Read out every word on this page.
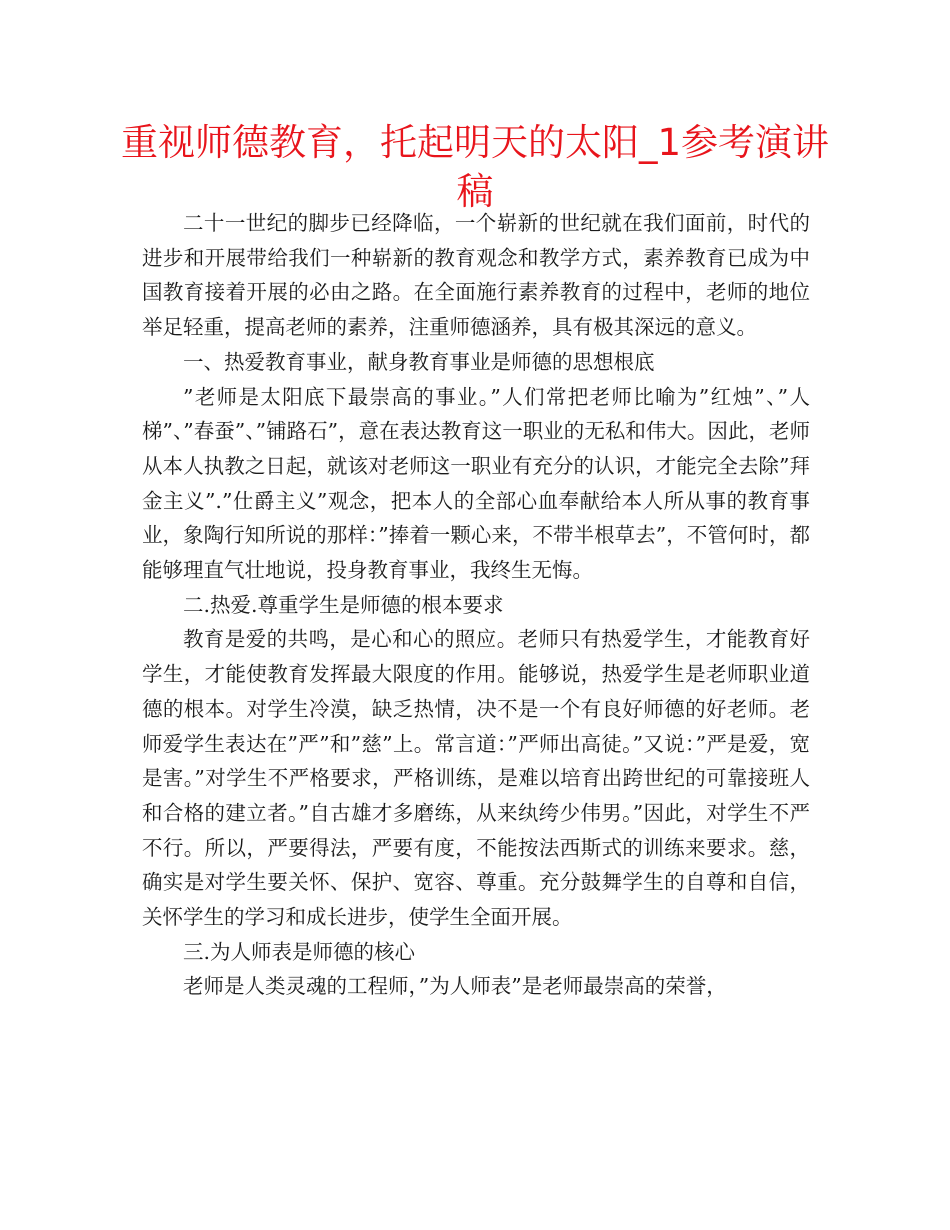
重视师德教育，托起明天的太阳_1参考演讲稿

二十一世纪的脚步已经降临，一个崭新的世纪就在我们面前，时代的进步和开展带给我们一种崭新的教育观念和教学方式，素养教育已成为中国教育接着开展的必由之路。在全面施行素养教育的过程中，老师的地位举足轻重，提高老师的素养，注重师德涵养，具有极其深远的意义。

一、热爱教育事业，献身教育事业是师德的思想根底

”老师是太阳底下最崇高的事业。”人们常把老师比喻为”红烛”、”人梯”、”春蚕”、”铺路石”，意在表达教育这一职业的无私和伟大。因此，老师从本人执教之日起，就该对老师这一职业有充分的认识，才能完全去除”拜金主义”.”仕爵主义”观念，把本人的全部心血奉献给本人所从事的教育事业，象陶行知所说的那样：”捧着一颗心来，不带半根草去”，不管何时，都能够理直气壮地说，投身教育事业，我终生无悔。

二.热爱.尊重学生是师德的根本要求

教育是爱的共鸣，是心和心的照应。老师只有热爱学生，才能教育好学生，才能使教育发挥最大限度的作用。能够说，热爱学生是老师职业道德的根本。对学生冷漠，缺乏热情，决不是一个有良好师德的好老师。老师爱学生表达在”严”和”慈”上。常言道：”严师出高徒。”又说：”严是爱，宽是害。”对学生不严格要求，严格训练，是难以培育出跨世纪的可靠接班人和合格的建立者。”自古雄才多磨练，从来纨绔少伟男。”因此，对学生不严不行。所以，严要得法，严要有度，不能按法西斯式的训练来要求。慈，确实是对学生要关怀、保护、宽容、尊重。充分鼓舞学生的自尊和自信，关怀学生的学习和成长进步，使学生全面开展。

三.为人师表是师德的核心

老师是人类灵魂的工程师，”为人师表”是老师最崇高的荣誉，
